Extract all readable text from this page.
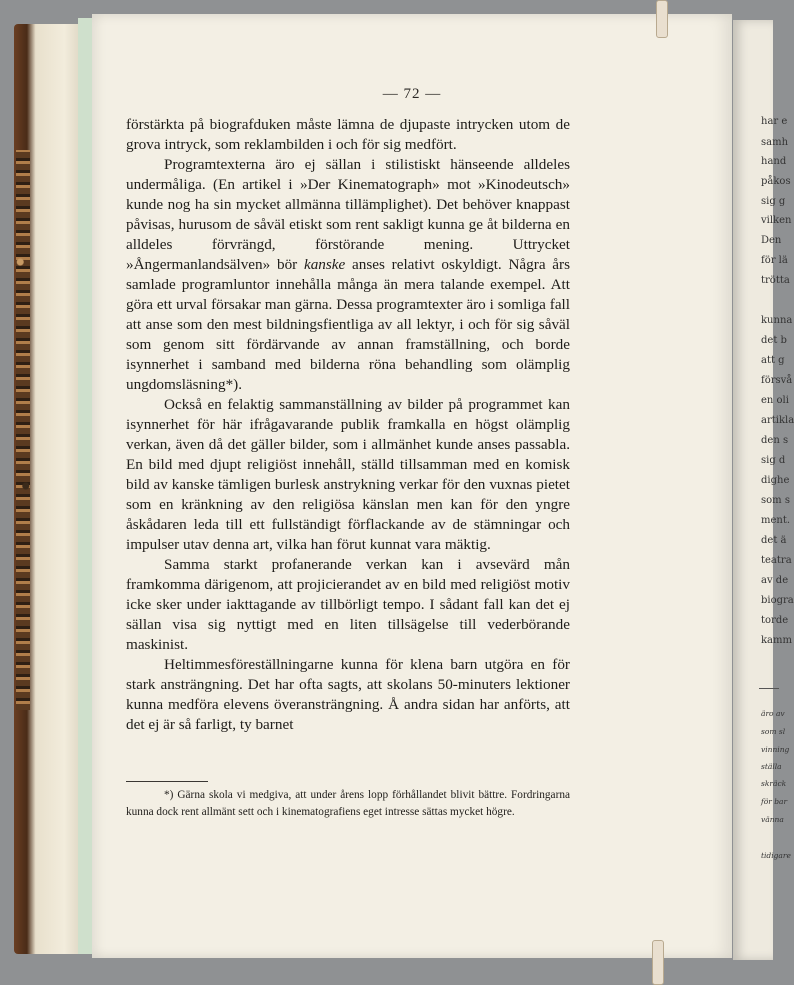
— 72 —

förstärkta på biografduken måste lämna de djupaste intrycken utom de grova intryck, som reklambilden i och för sig medfört.

Programtexterna äro ej sällan i stilistiskt hänseende alldeles undermåliga. (En artikel i »Der Kinematograph» mot »Kinodeutsch» kunde nog ha sin mycket allmänna tillämplighet). Det behöver knappast påvisas, hurusom de såväl etiskt som rent sakligt kunna ge åt bilderna en alldeles förvrängd, förstörande mening. Uttrycket »Ångermanlandsälven» bör kanske anses relativt oskyldigt. Några års samlade programluntor innehålla många än mera talande exempel. Att göra ett urval försakar man gärna. Dessa programtexter äro i somliga fall att anse som den mest bildningsfientliga av all lektyr, i och för sig såväl som genom sitt fördärvande av annan framställning, och borde isynnerhet i samband med bilderna röna behandling som olämplig ungdomsläsning*).

Också en felaktig sammanställning av bilder på programmet kan isynnerhet för här ifrågavarande publik framkalla en högst olämplig verkan, även då det gäller bilder, som i allmänhet kunde anses passabla. En bild med djupt religiöst innehåll, ställd tillsamman med en komisk bild av kanske tämligen burlesk anstrykning verkar för den vuxnas pietet som en kränkning av den religiösa känslan men kan för den yngre åskådaren leda till ett fullständigt förflackande av de stämningar och impulser utav denna art, vilka han förut kunnat vara mäktig.

Samma starkt profanerande verkan kan i avsevärd mån framkomma därigenom, att projicierandet av en bild med religiöst motiv icke sker under iakttagande av tillbörligt tempo. I sådant fall kan det ej sällan visa sig nyttigt med en liten tillsägelse till vederbörande maskinist.

Heltimmesföreställningarne kunna för klena barn utgöra en för stark ansträngning. Det har ofta sagts, att skolans 50-minuters lektioner kunna medföra elevens överansträngning. Å andra sidan har anförts, att det ej är så farligt, ty barnet

*) Gärna skola vi medgiva, att under årens lopp förhållandet blivit bättre. Fordringarna kunna dock rent allmänt sett och i kinematografiens eget intresse sättas mycket högre.
har e
samh
hand
påkos
sig g
vilken
Den
för lä
trötta
kunna
det b
att g
försvå
en oli
artikla
den s
sig d
dighe
som s
ment.
det ä
teatra
av de
biogra
torde
kamm
äro av
som sl
vinning
ställa
skräck
för bar
vänna
tidigare
